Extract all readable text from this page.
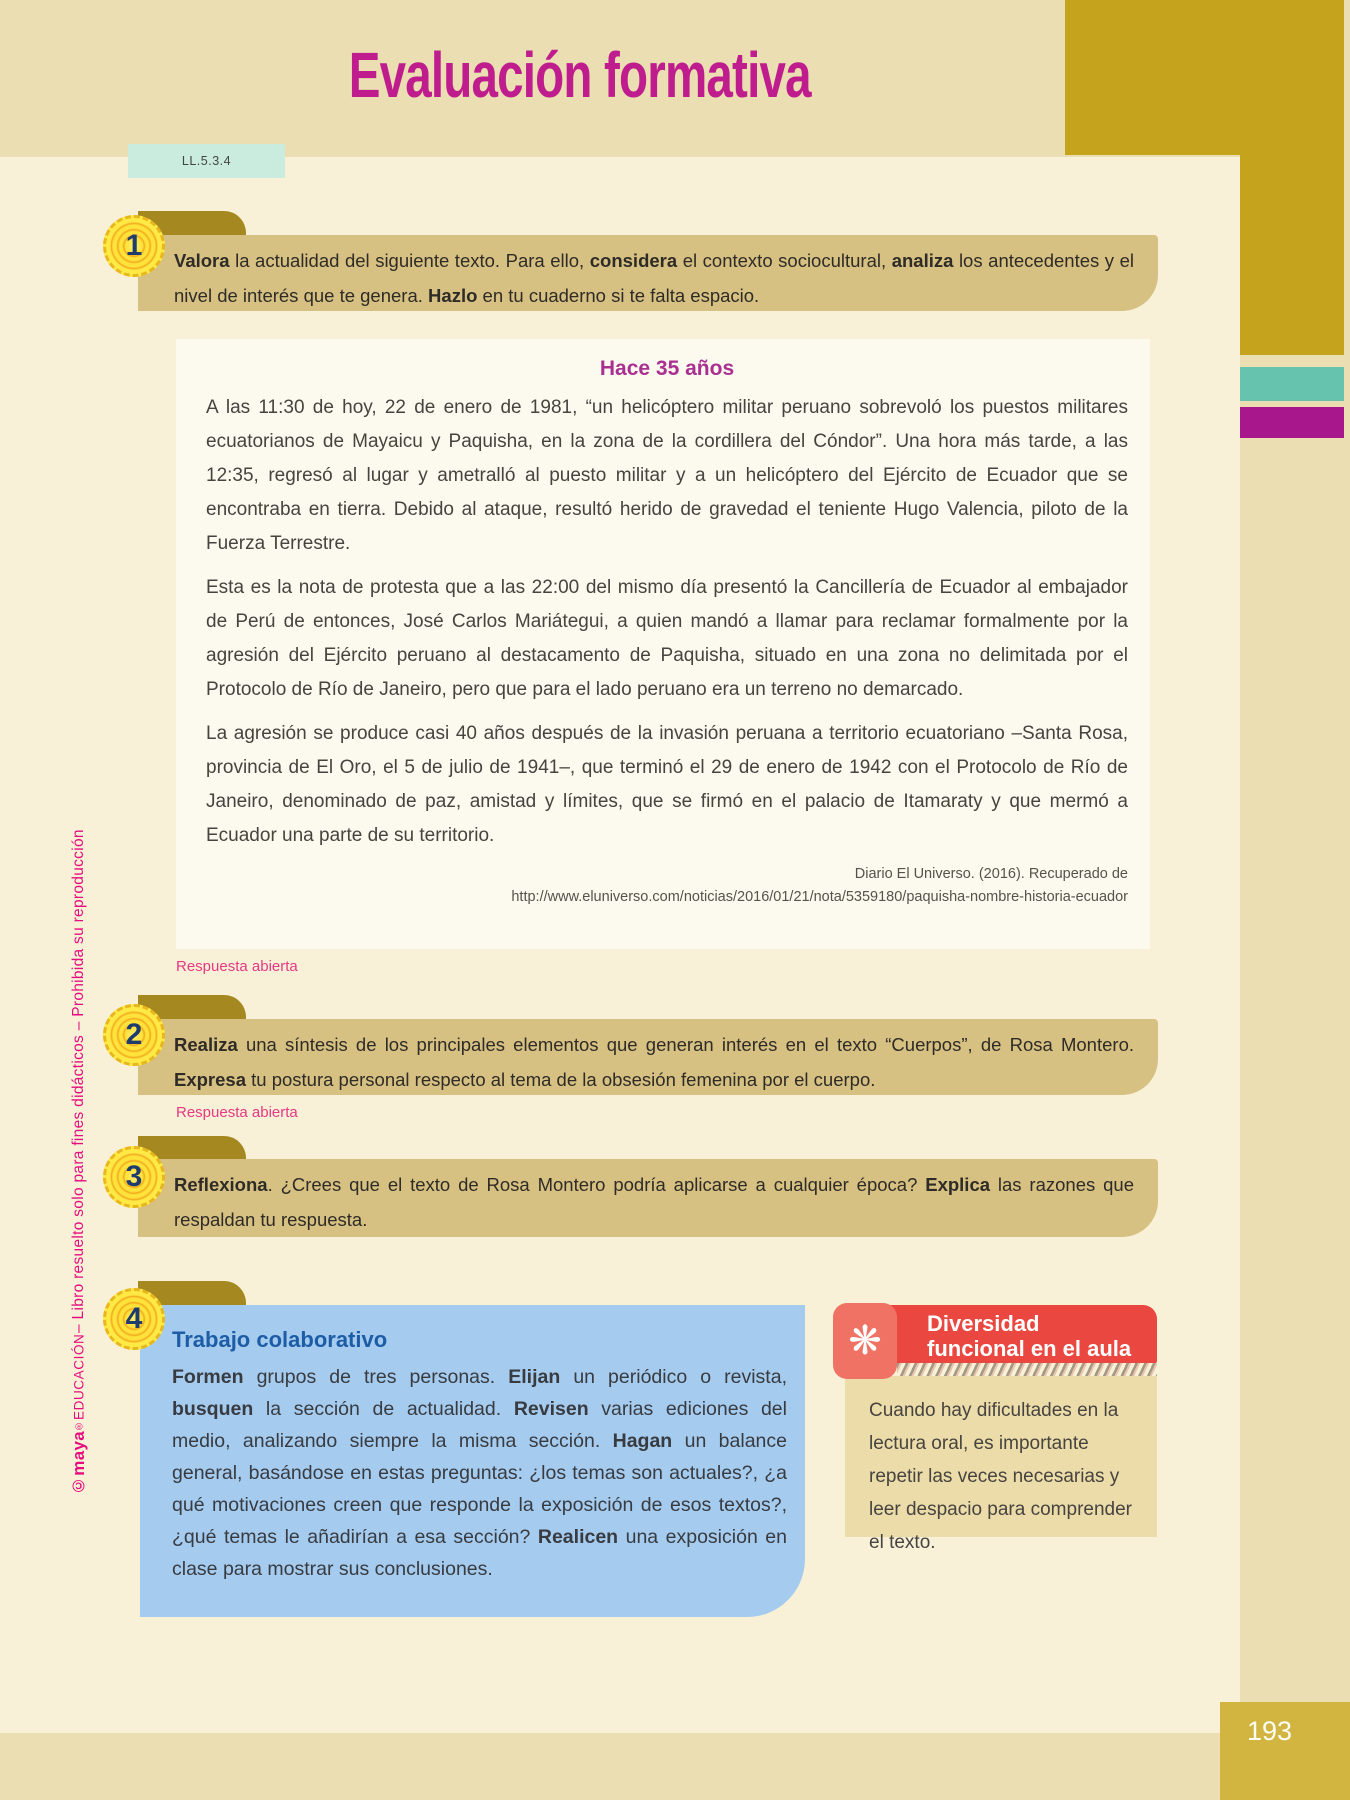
193
Evaluación formativa
LL.5.3.4
©maya
®
EDUCACIÓN
– Libro resuelto solo para fines didácticos – Prohibida su reproducción

Valora la actualidad del siguiente texto. Para ello, considera el contexto sociocultural, analiza los antecedentes y el nivel de interés que te genera. Hazlo en tu cuaderno si te falta espacio.

1
Hace 35 años

A las 11:30 de hoy, 22 de enero de 1981, “un helicóptero militar peruano sobrevoló los puestos militares ecuatorianos de Mayaicu y Paquisha, en la zona de la cordillera del Cóndor”. Una hora más tarde, a las 12:35, regresó al lugar y ametralló al puesto militar y a un helicóptero del Ejército de Ecuador que se encontraba en tierra. Debido al ataque, resultó herido de gravedad el teniente Hugo Valencia, piloto de la Fuerza Terrestre.

Esta es la nota de protesta que a las 22:00 del mismo día presentó la Cancillería de Ecuador al embajador de Perú de entonces, José Carlos Mariátegui, a quien mandó a llamar para reclamar formalmente por la agresión del Ejército peruano al destacamento de Paquisha, situado en una zona no delimitada por el Protocolo de Río de Janeiro, pero que para el lado peruano era un terreno no demarcado.

La agresión se produce casi 40 años después de la invasión peruana a territorio ecuatoriano –Santa Rosa, provincia de El Oro, el 5 de julio de 1941–, que terminó el 29 de enero de 1942 con el Protocolo de Río de Janeiro, denominado de paz, amistad y límites, que se firmó en el palacio de Itamaraty y que mermó a Ecuador una parte de su territorio.

Diario El Universo. (2016). Recuperado de
http://www.eluniverso.com/noticias/2016/01/21/nota/5359180/paquisha-nombre-historia-ecuador
Respuesta abierta

Realiza una síntesis de los principales elementos que generan interés en el texto “Cuerpos”, de Rosa Montero. Expresa tu postura personal respecto al tema de la obsesión femenina por el cuerpo.

2
Respuesta abierta

Reflexiona. ¿Crees que el texto de Rosa Montero podría aplicarse a cualquier época? Explica las razones que respaldan tu respuesta.

3
Trabajo colaborativo

Formen grupos de tres personas. Elijan un periódico o revista, busquen la sección de actualidad. Revisen varias ediciones del medio, analizando siempre la misma sección. Hagan un balance general, basándose en estas preguntas: ¿los temas son actuales?, ¿a qué motivaciones creen que responde la exposición de esos textos?, ¿qué temas le añadirían a esa sección? Realicen una exposición en clase para mostrar sus conclusiones.

4

Cuando hay dificultades en la lectura oral, es importante repetir las veces necesarias y leer despacio para comprender el texto.

Diversidad
funcional en el aula
❋
